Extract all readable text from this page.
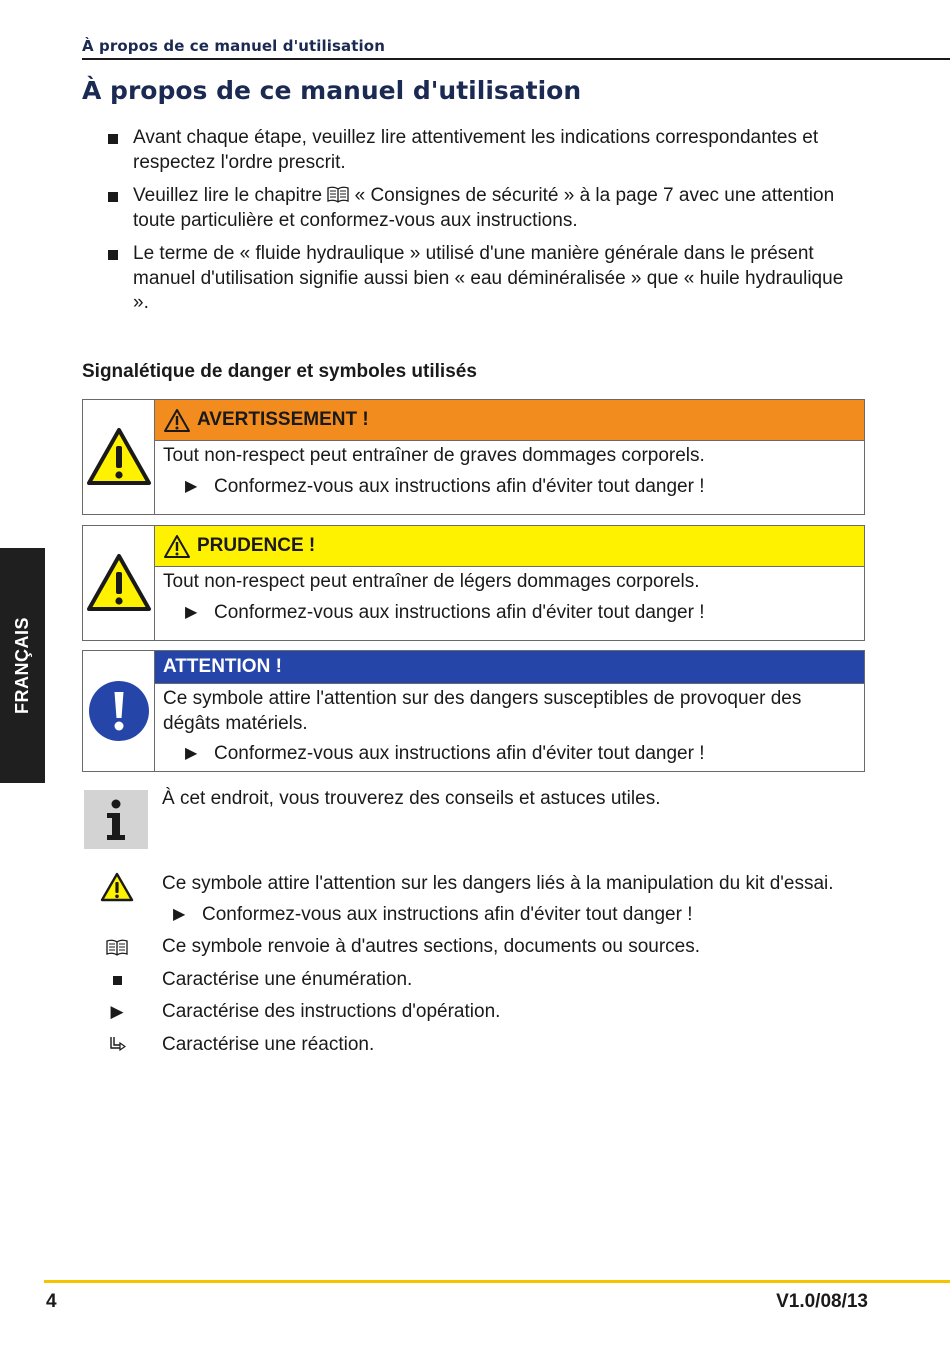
À propos de ce manuel d'utilisation
À propos de ce manuel d'utilisation
Avant chaque étape, veuillez lire attentivement les indications correspondantes et respectez l'ordre prescrit.
Veuillez lire le chapitre « Consignes de sécurité » à la page 7 avec une attention toute particulière et conformez-vous aux instructions.
Le terme de « fluide hydraulique » utilisé d'une manière générale dans le présent manuel d'utilisation signifie aussi bien « eau déminéralisée » que « huile hydraulique ».
Signalétique de danger et symboles utilisés
AVERTISSEMENT !
Tout non-respect peut entraîner de graves dommages corporels.
▶ Conformez-vous aux instructions afin d'éviter tout danger !
PRUDENCE !
Tout non-respect peut entraîner de légers dommages corporels.
▶ Conformez-vous aux instructions afin d'éviter tout danger !
ATTENTION !
Ce symbole attire l'attention sur des dangers susceptibles de provoquer des dégâts matériels.
▶ Conformez-vous aux instructions afin d'éviter tout danger !
À cet endroit, vous trouverez des conseils et astuces utiles.
Ce symbole attire l'attention sur les dangers liés à la manipulation du kit d'essai.
▶ Conformez-vous aux instructions afin d'éviter tout danger !
Ce symbole renvoie à d'autres sections, documents ou sources.
Caractérise une énumération.
▶	Caractérise des instructions d'opération.
Caractérise une réaction.
FRANÇAIS
4	V1.0/08/13
